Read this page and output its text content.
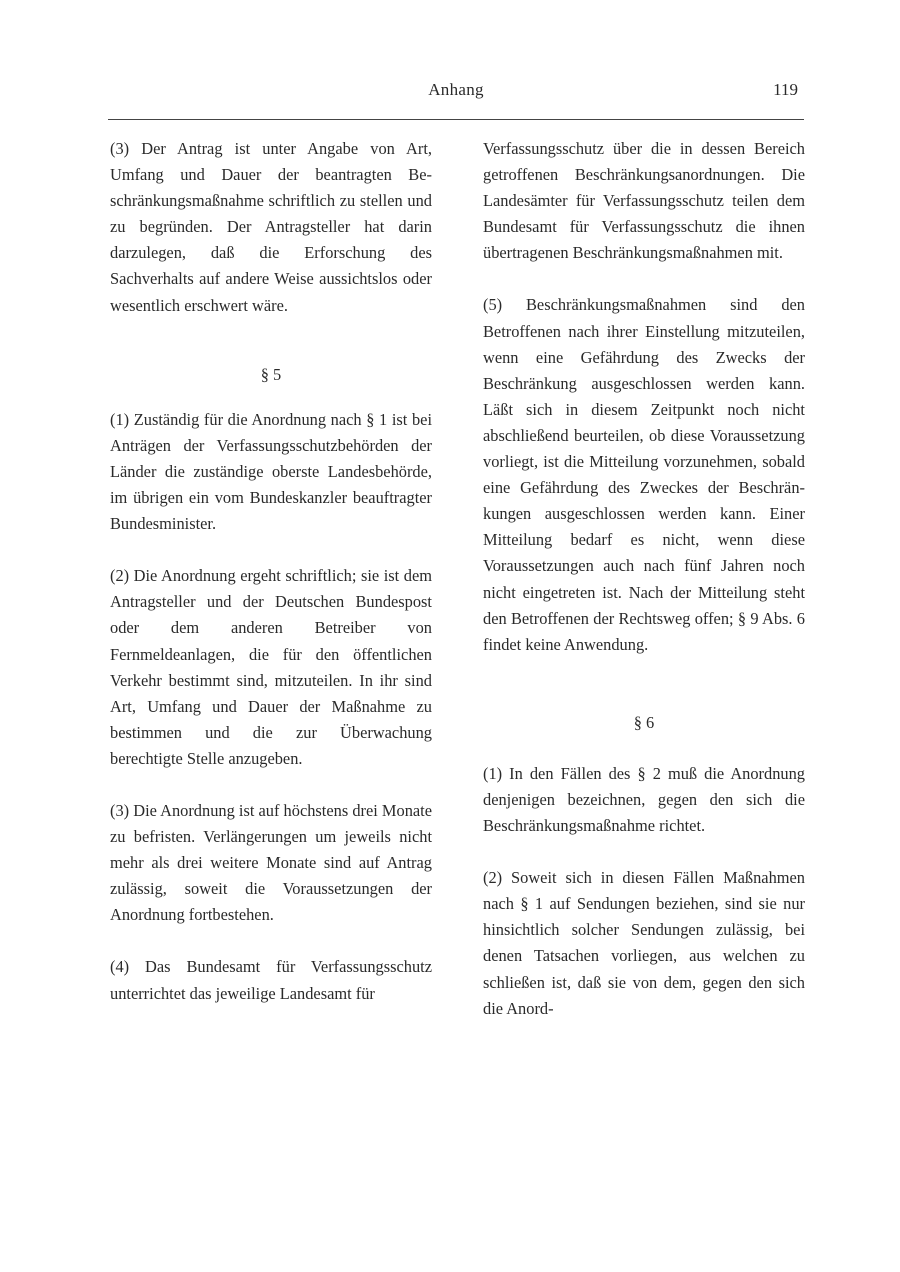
Anhang	119

(3) Der Antrag ist unter Angabe von Art, Umfang und Dauer der beantragten Beschränkungsmaßnahme schriftlich zu stellen und zu begründen. Der Antragsteller hat darin darzulegen, daß die Erforschung des Sachverhalts auf andere Weise aussichtslos oder wesentlich erschwert wäre.

§ 5

(1) Zuständig für die Anordnung nach § 1 ist bei Anträgen der Verfassungsschutzbehörden der Länder die zuständige oberste Landesbehörde, im übrigen ein vom Bundeskanzler beauftragter Bundesminister.

(2) Die Anordnung ergeht schriftlich; sie ist dem Antragsteller und der Deutschen Bundespost oder dem anderen Betreiber von Fernmeldeanlagen, die für den öffentlichen Verkehr bestimmt sind, mitzuteilen. In ihr sind Art, Umfang und Dauer der Maßnahme zu bestimmen und die zur Überwachung berechtigte Stelle anzugeben.

(3) Die Anordnung ist auf höchstens drei Monate zu befristen. Verlängerungen um jeweils nicht mehr als drei weitere Monate sind auf Antrag zulässig, soweit die Voraussetzungen der Anordnung fortbestehen.

(4) Das Bundesamt für Verfassungsschutz unterrichtet das jeweilige Landesamt für

Verfassungsschutz über die in dessen Bereich getroffenen Beschränkungsanordnungen. Die Landesämter für Verfassungsschutz teilen dem Bundesamt für Verfassungsschutz die ihnen übertragenen Beschränkungsmaßnahmen mit.

(5) Beschränkungsmaßnahmen sind den Betroffenen nach ihrer Einstellung mitzuteilen, wenn eine Gefährdung des Zwecks der Beschränkung ausgeschlossen werden kann. Läßt sich in diesem Zeitpunkt noch nicht abschließend beurteilen, ob diese Voraussetzung vorliegt, ist die Mitteilung vorzunehmen, sobald eine Gefährdung des Zweckes der Beschränkungen ausgeschlossen werden kann. Einer Mitteilung bedarf es nicht, wenn diese Voraussetzungen auch nach fünf Jahren noch nicht eingetreten ist. Nach der Mitteilung steht den Betroffenen der Rechtsweg offen; § 9 Abs. 6 findet keine Anwendung.

§ 6

(1) In den Fällen des § 2 muß die Anordnung denjenigen bezeichnen, gegen den sich die Beschränkungsmaßnahme richtet.

(2) Soweit sich in diesen Fällen Maßnahmen nach § 1 auf Sendungen beziehen, sind sie nur hinsichtlich solcher Sendungen zulässig, bei denen Tatsachen vorliegen, aus welchen zu schließen ist, daß sie von dem, gegen den sich die Anord-
